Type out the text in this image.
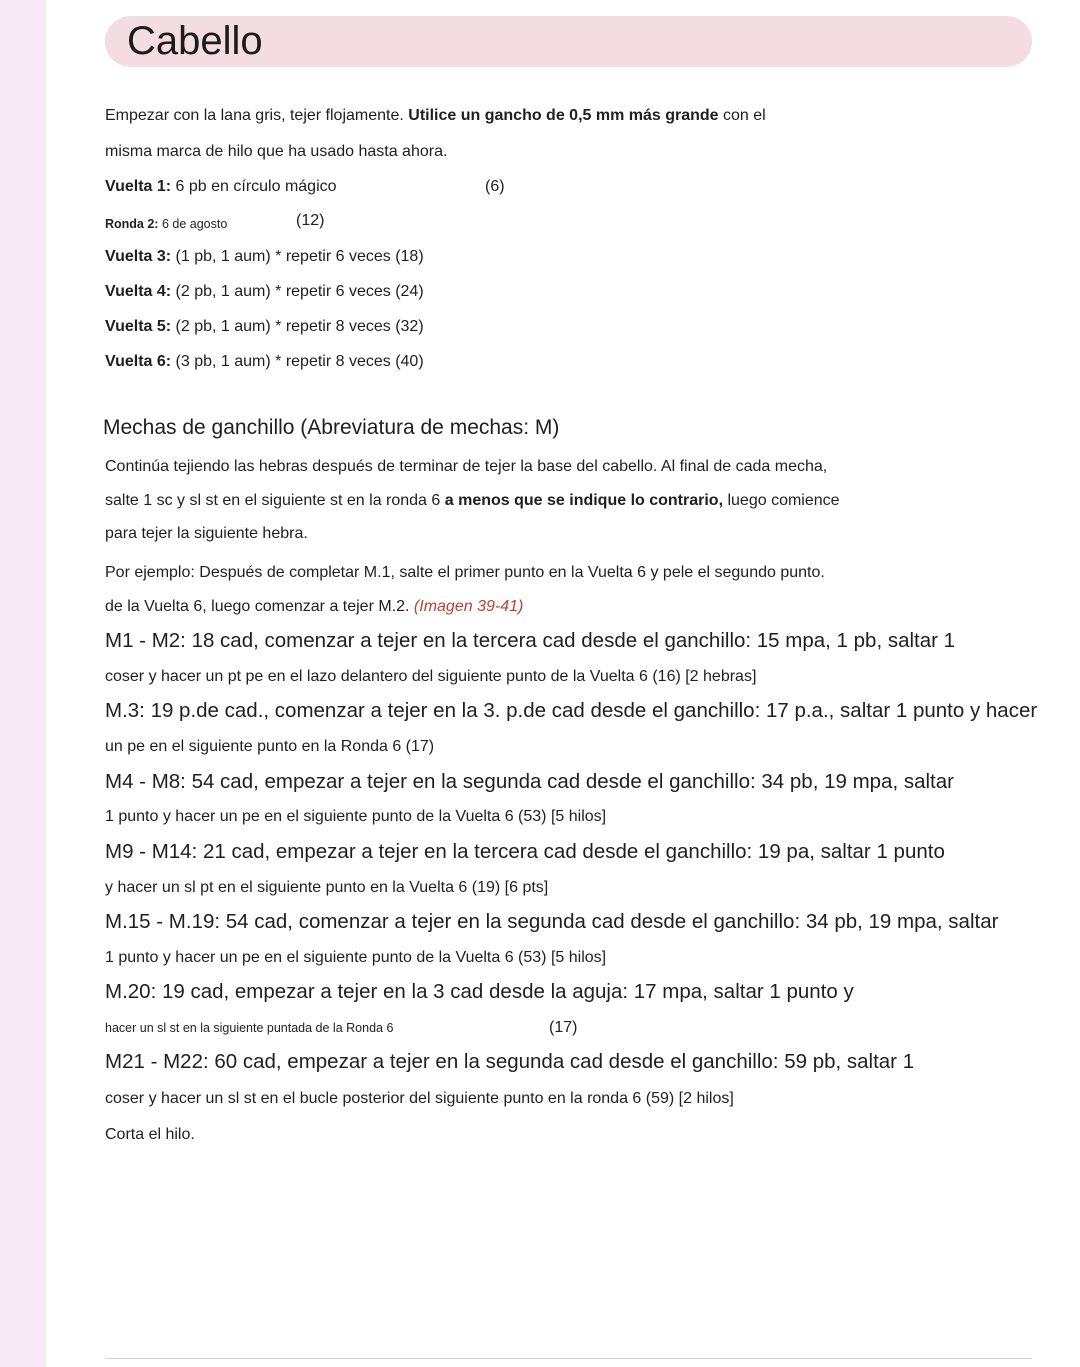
Cabello

Empezar con la lana gris, tejer flojamente. Utilice un gancho de 0,5 mm más grande con el

misma marca de hilo que ha usado hasta ahora.

Vuelta 1: 6 pb en círculo mágico	(6)

Ronda 2: 6 de agosto	(12)

Vuelta 3: (1 pb, 1 aum) * repetir 6 veces (18)

Vuelta 4: (2 pb, 1 aum) * repetir 6 veces (24)

Vuelta 5: (2 pb, 1 aum) * repetir 8 veces (32)

Vuelta 6: (3 pb, 1 aum) * repetir 8 veces (40)

Mechas de ganchillo (Abreviatura de mechas: M)

Continúa tejiendo las hebras después de terminar de tejer la base del cabello. Al final de cada mecha,

salte 1 sc y sl st en el siguiente st en la ronda 6 a menos que se indique lo contrario, luego comience

para tejer la siguiente hebra.

Por ejemplo: Después de completar M.1, salte el primer punto en la Vuelta 6 y pele el segundo punto.

de la Vuelta 6, luego comenzar a tejer M.2. (Imagen 39-41)

M1 - M2: 18 cad, comenzar a tejer en la tercera cad desde el ganchillo: 15 mpa, 1 pb, saltar 1

coser y hacer un pt pe en el lazo delantero del siguiente punto de la Vuelta 6 (16) [2 hebras]

M.3: 19 p.de cad., comenzar a tejer en la 3. p.de cad desde el ganchillo: 17 p.a., saltar 1 punto y hacer

un pe en el siguiente punto en la Ronda 6 (17)

M4 - M8: 54 cad, empezar a tejer en la segunda cad desde el ganchillo: 34 pb, 19 mpa, saltar

1 punto y hacer un pe en el siguiente punto de la Vuelta 6 (53) [5 hilos]

M9 - M14: 21 cad, empezar a tejer en la tercera cad desde el ganchillo: 19 pa, saltar 1 punto

y hacer un sl pt en el siguiente punto en la Vuelta 6 (19) [6 pts]

M.15 - M.19: 54 cad, comenzar a tejer en la segunda cad desde el ganchillo: 34 pb, 19 mpa, saltar

1 punto y hacer un pe en el siguiente punto de la Vuelta 6 (53) [5 hilos]

M.20: 19 cad, empezar a tejer en la 3 cad desde la aguja: 17 mpa, saltar 1 punto y

hacer un sl st en la siguiente puntada de la Ronda 6	(17)

M21 - M22: 60 cad, empezar a tejer en la segunda cad desde el ganchillo: 59 pb, saltar 1

coser y hacer un sl st en el bucle posterior del siguiente punto en la ronda 6 (59) [2 hilos]

Corta el hilo.
